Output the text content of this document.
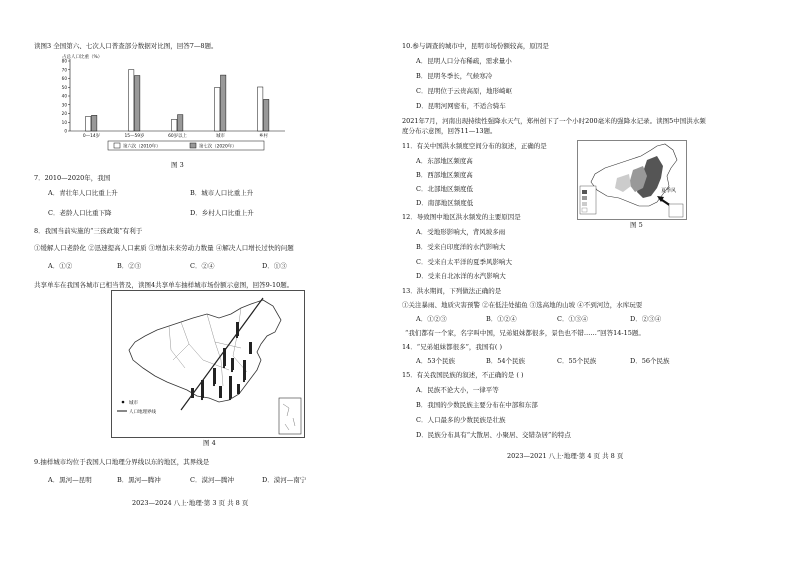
读图3 全国第六、七次人口普查部分数据对比图，回答7—8题。
占总人口比重（%）
0
10
20
30
40
50
60
70
80
0—14岁	15—59岁	60岁以上	城市	乡村
第六次（2010年）	第七次（2020年）
图 3
7．2010—2020年，我国
A．青壮年人口比重上升	B．城市人口比重上升
C．老龄人口比重下降	D．乡村人口比重上升
8．我国当前实施的“三孩政策”有利于
①缓解人口老龄化 ②迅速提高人口素质 ③增加未来劳动力数量 ④解决人口增长过快的问题
A．①②	B．②③	C．②④	D．①③
共享单车在我国各城市已相当普及，读图4共享单车抽样城市场份额示意图，回答9-10题。
城市
人口地理界线
图 4
9.抽样城市均位于我国人口地理分界线以东的地区，其界线是
A．黑河—昆明	B．黑河—腾冲	C．漠河—腾冲	D．漠河—南宁
2023—2024 八上·地理·第 3 页 共 8 页
10.参与调查的城市中，昆明市场份额较高，原因是
A．昆明人口分布稀疏，需求量小
B．昆明冬季长，气候寒冷
C．昆明位于云贵高原，地形崎岖
D．昆明河网密布，不适合骑车
2021年7月，河南出现持续性强降水天气，郑州创下了一个小时200毫米的强降水记录。读图5中国洪水频
度分布示意图，回答11—13题。
11．有关中国洪水频度空间分布的叙述，正确的是
A．东部地区频度高
B．西部地区频度高
C．北部地区频度低
D．南部地区频度低
夏季风
图 5
12．导致图中地区洪水频发的主要原因是
A．受地形影响大，背风坡多雨
B．受来自印度洋的水汽影响大
C．受来自太平洋的夏季风影响大
D．受来自北冰洋的水汽影响大
13．洪水期间，下列做法正确的是
①关注暴雨、地质灾害预警 ②在低洼处捕鱼 ③选高地的山坡 ④不到河边，水库玩耍
A．①②③	B．①②④	C．①③④	D．②③④
“我们都有一个家，名字叫中国，兄弟姐妹都很多，景色也不错……”回答14-15题。
14．“兄弟姐妹都很多”，我国有( )
A．53个民族	B．54个民族	C．55个民族	D．56个民族
15．有关我国民族的叙述，不正确的是 ( )
A．民族不论大小，一律平等
B．我国的少数民族主要分布在中部和东部
C．人口最多的少数民族是壮族
D．民族分布具有“大散居、小聚居、交错杂居”的特点
2023—2021 八上·地理·第 4 页 共 8 页
